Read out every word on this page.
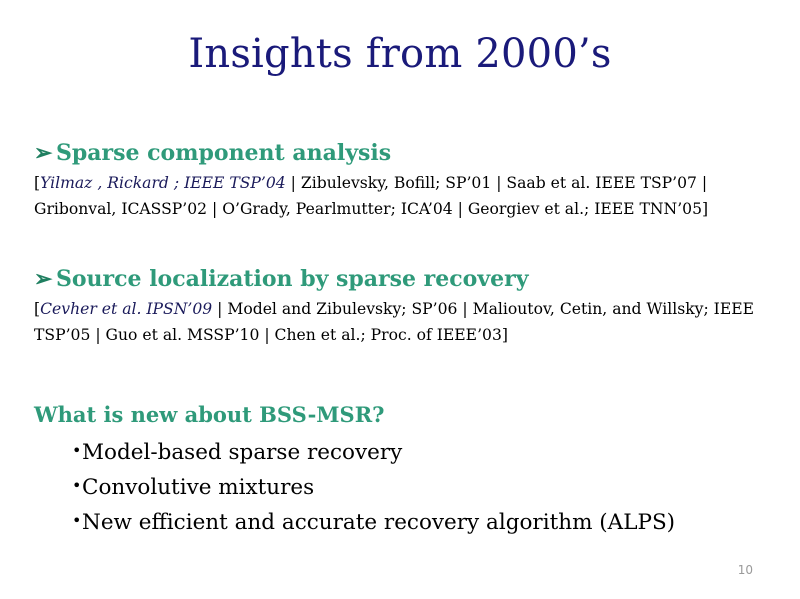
Insights from 2000’s
➢ Sparse component analysis
[Yilmaz , Rickard ; IEEE TSP’04 | Zibulevsky, Bofill; SP’01 | Saab et al. IEEE TSP’07 | Gribonval, ICASSP’02 | O’Grady, Pearlmutter; ICA’04 | Georgiev et al.; IEEE TNN’05]
➢ Source localization by sparse recovery
[Cevher et al. IPSN’09 | Model and Zibulevsky; SP’06 | Malioutov, Cetin, and Willsky; IEEE TSP’05 | Guo et al. MSSP’10 | Chen et al.; Proc. of IEEE’03]
What is new about BSS-MSR?
•Model-based sparse recovery
•Convolutive mixtures
•New efficient and accurate recovery algorithm (ALPS)
10
